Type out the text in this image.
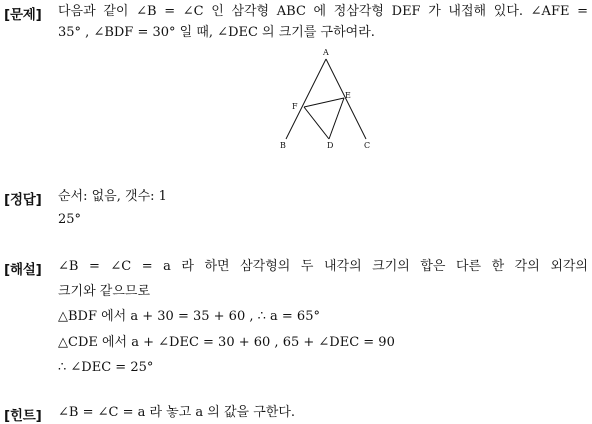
[문제] 다음과 같이 ∠B = ∠C 인 삼각형 ABC 에 정삼각형 DEF 가 내접해 있다. ∠AFE =
35° , ∠BDF = 30° 일 때, ∠DEC 의 크기를 구하여라.
A
B	C
D
E
F
[정답] 순서: 없음, 갯수: 1
25°
[해설] ∠B = ∠C = a 라 하면 삼각형의 두 내각의 크기의 합은 다른 한 각의 외각의
크기와 같으므로
△BDF 에서 a + 30 = 35 + 60 , ∴ a = 65°
△CDE 에서 a + ∠DEC = 30 + 60 , 65 + ∠DEC = 90
∴ ∠DEC = 25°
[힌트] ∠B = ∠C = a 라 놓고 a 의 값을 구한다.
